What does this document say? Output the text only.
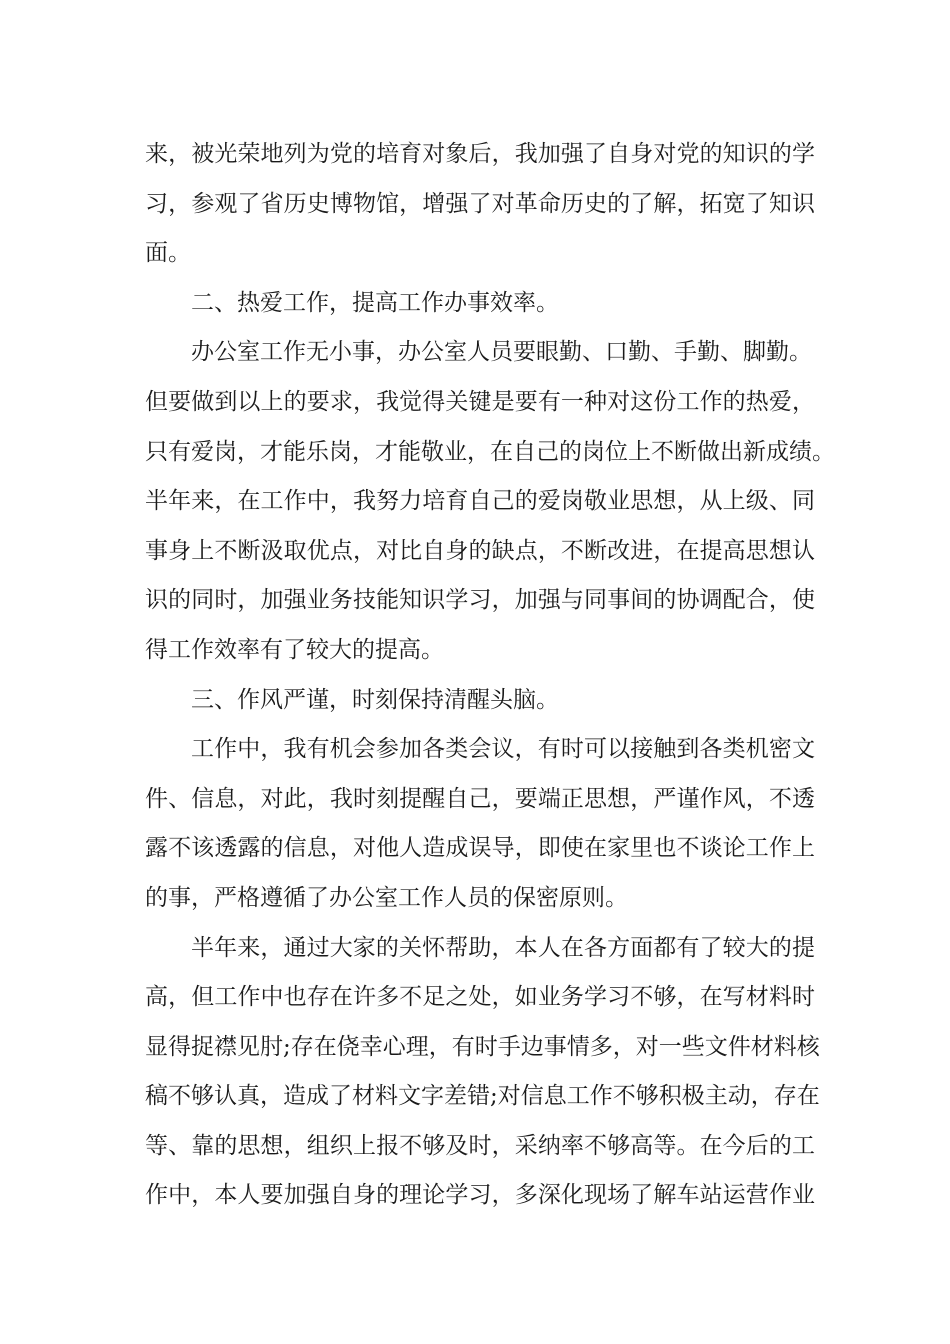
来，被光荣地列为党的培育对象后，我加强了自身对党的知识的学
习，参观了省历史博物馆，增强了对革命历史的了解，拓宽了知识
面。
二、热爱工作，提高工作办事效率。
办公室工作无小事，办公室人员要眼勤、口勤、手勤、脚勤。
但要做到以上的要求，我觉得关键是要有一种对这份工作的热爱，
只有爱岗，才能乐岗，才能敬业，在自己的岗位上不断做出新成绩。
半年来，在工作中，我努力培育自己的爱岗敬业思想，从上级、同
事身上不断汲取优点，对比自身的缺点，不断改进，在提高思想认
识的同时，加强业务技能知识学习，加强与同事间的协调配合，使
得工作效率有了较大的提高。
三、作风严谨，时刻保持清醒头脑。
工作中，我有机会参加各类会议，有时可以接触到各类机密文
件、信息，对此，我时刻提醒自己，要端正思想，严谨作风，不透
露不该透露的信息，对他人造成误导，即使在家里也不谈论工作上
的事，严格遵循了办公室工作人员的保密原则。
半年来，通过大家的关怀帮助，本人在各方面都有了较大的提
高，但工作中也存在许多不足之处，如业务学习不够，在写材料时
显得捉襟见肘;存在侥幸心理，有时手边事情多，对一些文件材料核
稿不够认真，造成了材料文字差错;对信息工作不够积极主动，存在
等、靠的思想，组织上报不够及时，采纳率不够高等。在今后的工
作中，本人要加强自身的理论学习，多深化现场了解车站运营作业
